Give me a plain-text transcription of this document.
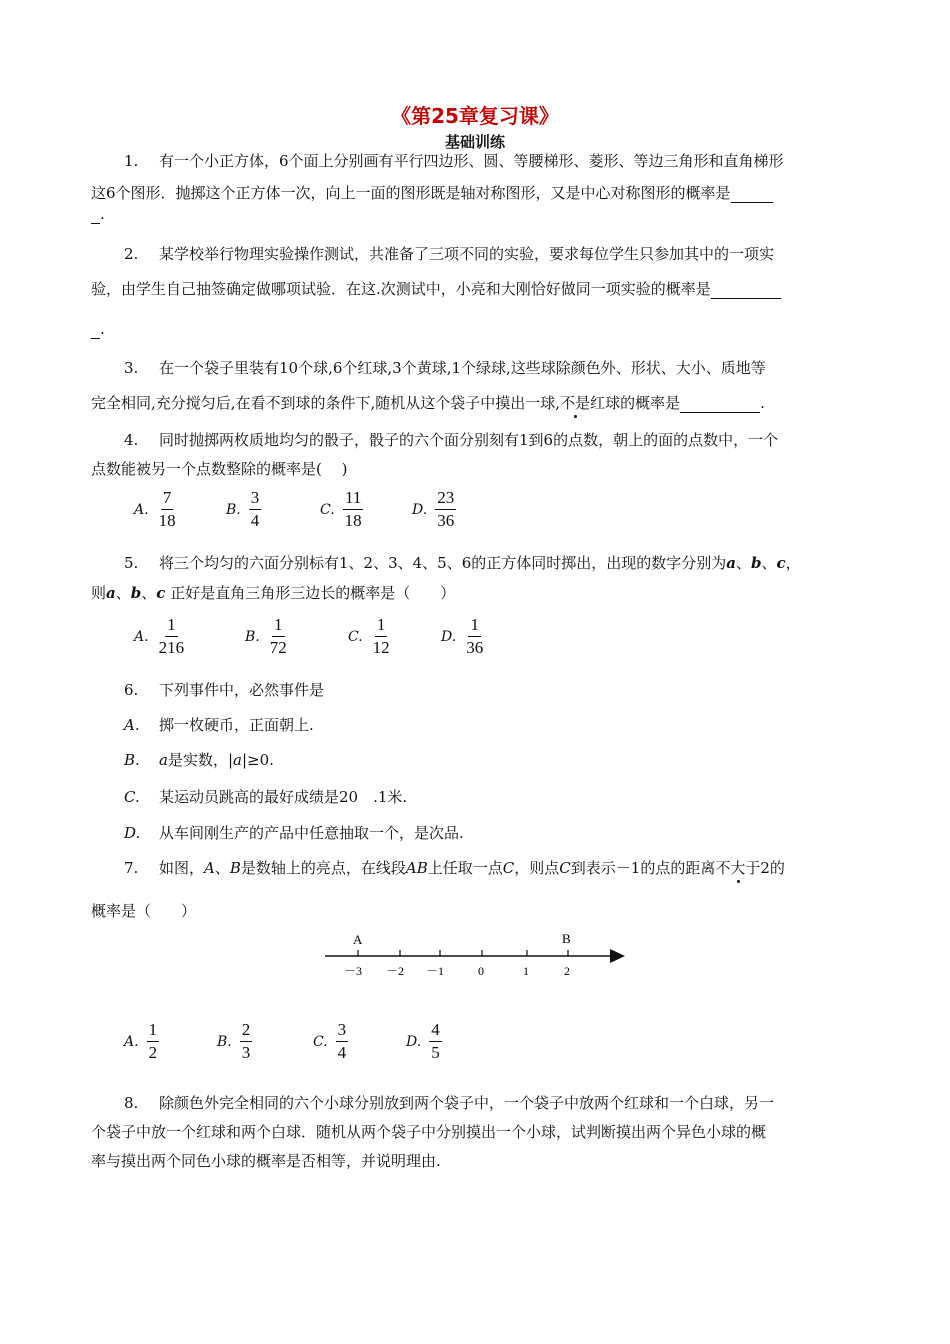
《第25章复习课》
基础训练
1. 有一个小正方体，6个面上分别画有平行四边形、圆、等腰梯形、菱形、等边三角形和直角梯形
这6个图形．抛掷这个正方体一次，向上一面的图形既是轴对称图形，又是中心对称图形的概率是
.
2. 某学校举行物理实验操作测试，共准备了三项不同的实验，要求每位学生只参加其中的一项实
验，由学生自己抽签确定做哪项试验．在这.次测试中，小亮和大刚恰好做同一项实验的概率是
.
3. 在一个袋子里装有10个球,6个红球,3个黄球,1个绿球,这些球除颜色外、形状、大小、质地等
完全相同,充分搅匀后,在看不到球的条件下,随机从这个袋子中摸出一球,不是红球的概率是	.
4. 同时抛掷两枚质地均匀的骰子，骰子的六个面分别刻有1到6的点数，朝上的面的点数中，一个
点数能被另一个点数整除的概率是(　 )
A. $\frac{7}{18}$	B. $\frac{3}{4}$	C. $\frac{11}{18}$	D. $\frac{23}{36}$
5. 将三个均匀的六面分别标有1、2、3、4、5、6的正方体同时掷出，出现的数字分别为a、b、c，
则a、b、c 正好是直角三角形三边长的概率是（　　）
A. $\frac{1}{216}$	B. $\frac{1}{72}$	C. $\frac{1}{12}$	D. $\frac{1}{36}$
6. 下列事件中，必然事件是
A. 掷一枚硬币，正面朝上.
B. a是实数，|a|≥0.
C. 某运动员跳高的最好成绩是20　.1米.
D. 从车间刚生产的产品中任意抽取一个，是次品.
7. 如图，A、B是数轴上的亮点，在线段AB上任取一点C，则点C到表示－1的点的距离不大于2的
概率是（　　）
A	B
－3 －2 －1	0	1	2
A. $\frac{1}{2}$	B. $\frac{2}{3}$	C. $\frac{3}{4}$	D. $\frac{4}{5}$
8. 除颜色外完全相同的六个小球分别放到两个袋子中，一个袋子中放两个红球和一个白球，另一
个袋子中放一个红球和两个白球．随机从两个袋子中分别摸出一个小球，试判断摸出两个异色小球的概
率与摸出两个同色小球的概率是否相等，并说明理由.
